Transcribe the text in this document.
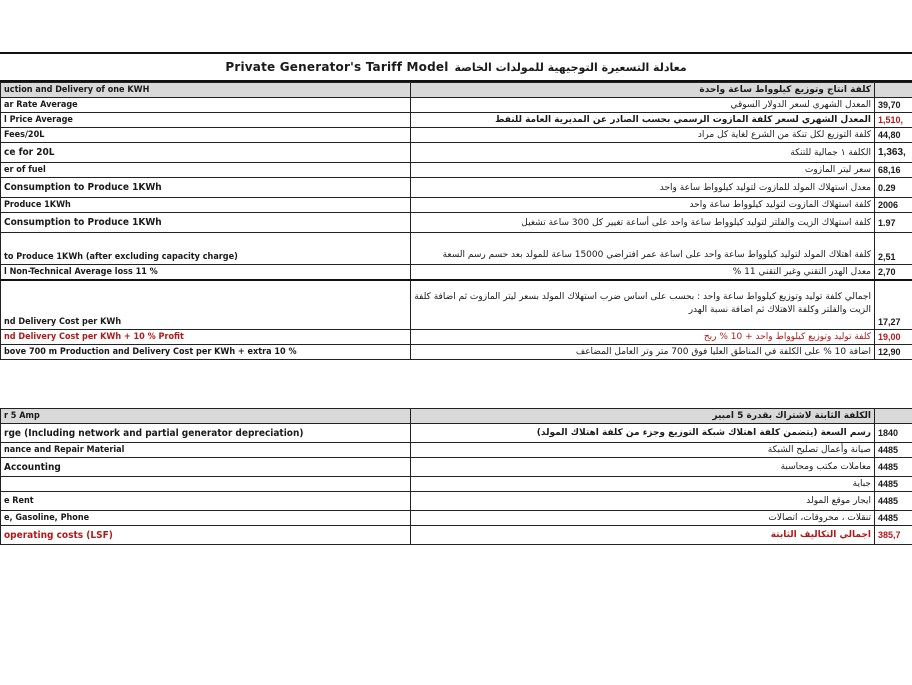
Private Generator's Tariff Model معادلة التسعيرة التوجيهية للمولدات الخاصة
uction and Delivery of one KWH	كلفة انتاج وتوزيع كيلوواط ساعة واحدة	
ar Rate Average	المعدل الشهري لسعر الدولار السوقي	39,70
l Price Average	المعدل الشهري لسعر كلفة المازوت الرسمي بحسب الصادر عن المديرية العامة للنفط	1,510,
Fees/20L	كلفة التوزيع لكل تنكة من الشرع لغاية كل مراد	44,80
ce for 20L	الكلفة ١ جمالية للتنكة	1,363,
er of fuel	سعر ليتر المازوت	68,16
Consumption to Produce 1KWh	معدل استهلاك المولد للمازوت لتوليد كيلوواط ساعة واحد	0.29
Produce 1KWh	كلفة استهلاك المازوت لتوليد كيلوواط ساعة واحد	2006
Consumption to Produce 1KWh	كلفة استهلاك الزيت والفلتر لتوليد كيلوواط ساعة واحد على أساعة تغيير كل 300 ساعة تشغيل	1.97
to Produce 1KWh (after excluding capacity charge)	كلفة اهتلاك المولد لتوليد كيلوواط ساعة واحد على اساعة عمر افتراضي 15000 ساعة للمولد بعد حسم رسم السعة	2,51
l Non-Technical Average loss 11 %	معدل الهدر التقني وغير التقني 11 %	2,70
nd Delivery Cost per KWh	اجمالي كلفة توليد وتوزيع كيلوواط ساعة واحد : بحسب على اساس ضرب استهلاك المولد بسعر ليتر المازوت ثم اضافة كلفة الزيت والفلتر وكلفة الاهتلاك ثم اضافة نسبة الهدر	17,27
nd Delivery Cost per KWh + 10 % Profit	كلفة توليد وتوزيع كيلوواط واحد + 10 % ربح	19,00
bove 700 m Production and Delivery Cost per KWh + extra 10 %	اضافة 10 % على الكلفة في المناطق العليا فوق 700 متر وتر العامل المضاعف	12,90
r 5 Amp	الكلفة الثابتة لاشتراك بقدرة 5 امبير	
rge (Including network and partial generator depreciation)	رسم السعة (يتضمن كلفة اهتلاك شبكة التوزيع وجزء من كلفة اهتلاك المولد)	1840
nance and Repair Material	صيانة وأعمال تصليح الشبكة	4485
Accounting	معاملات مكتب ومحاسبة	4485
	جباية	4485
e Rent	ايجار موقع المولد	4485
e, Gasoline, Phone	تنقلات ، محروقات، اتصالات	4485
operating costs (LSF)	اجمالي التكاليف الثابتة	385,7
